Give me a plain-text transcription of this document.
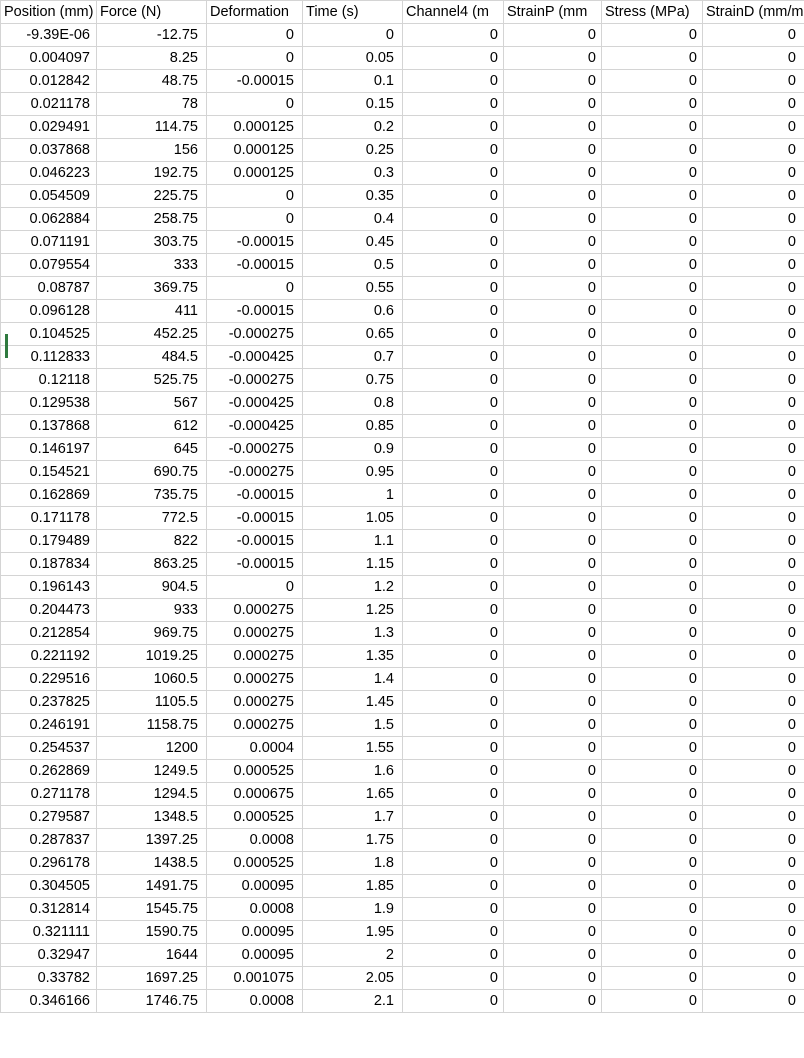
Position (mm)	Force (N)	Deformation	Time (s)	Channel4 (m	StrainP (mm	Stress (MPa)	StrainD (mm/m
-9.39E-06	-12.75	0	0	0	0	0	0
0.004097	8.25	0	0.05	0	0	0	0
0.012842	48.75	-0.00015	0.1	0	0	0	0
0.021178	78	0	0.15	0	0	0	0
0.029491	114.75	0.000125	0.2	0	0	0	0
0.037868	156	0.000125	0.25	0	0	0	0
0.046223	192.75	0.000125	0.3	0	0	0	0
0.054509	225.75	0	0.35	0	0	0	0
0.062884	258.75	0	0.4	0	0	0	0
0.071191	303.75	-0.00015	0.45	0	0	0	0
0.079554	333	-0.00015	0.5	0	0	0	0
0.08787	369.75	0	0.55	0	0	0	0
0.096128	411	-0.00015	0.6	0	0	0	0
0.104525	452.25	-0.000275	0.65	0	0	0	0
0.112833	484.5	-0.000425	0.7	0	0	0	0
0.12118	525.75	-0.000275	0.75	0	0	0	0
0.129538	567	-0.000425	0.8	0	0	0	0
0.137868	612	-0.000425	0.85	0	0	0	0
0.146197	645	-0.000275	0.9	0	0	0	0
0.154521	690.75	-0.000275	0.95	0	0	0	0
0.162869	735.75	-0.00015	1	0	0	0	0
0.171178	772.5	-0.00015	1.05	0	0	0	0
0.179489	822	-0.00015	1.1	0	0	0	0
0.187834	863.25	-0.00015	1.15	0	0	0	0
0.196143	904.5	0	1.2	0	0	0	0
0.204473	933	0.000275	1.25	0	0	0	0
0.212854	969.75	0.000275	1.3	0	0	0	0
0.221192	1019.25	0.000275	1.35	0	0	0	0
0.229516	1060.5	0.000275	1.4	0	0	0	0
0.237825	1105.5	0.000275	1.45	0	0	0	0
0.246191	1158.75	0.000275	1.5	0	0	0	0
0.254537	1200	0.0004	1.55	0	0	0	0
0.262869	1249.5	0.000525	1.6	0	0	0	0
0.271178	1294.5	0.000675	1.65	0	0	0	0
0.279587	1348.5	0.000525	1.7	0	0	0	0
0.287837	1397.25	0.0008	1.75	0	0	0	0
0.296178	1438.5	0.000525	1.8	0	0	0	0
0.304505	1491.75	0.00095	1.85	0	0	0	0
0.312814	1545.75	0.0008	1.9	0	0	0	0
0.321111	1590.75	0.00095	1.95	0	0	0	0
0.32947	1644	0.00095	2	0	0	0	0
0.33782	1697.25	0.001075	2.05	0	0	0	0
0.346166	1746.75	0.0008	2.1	0	0	0	0
